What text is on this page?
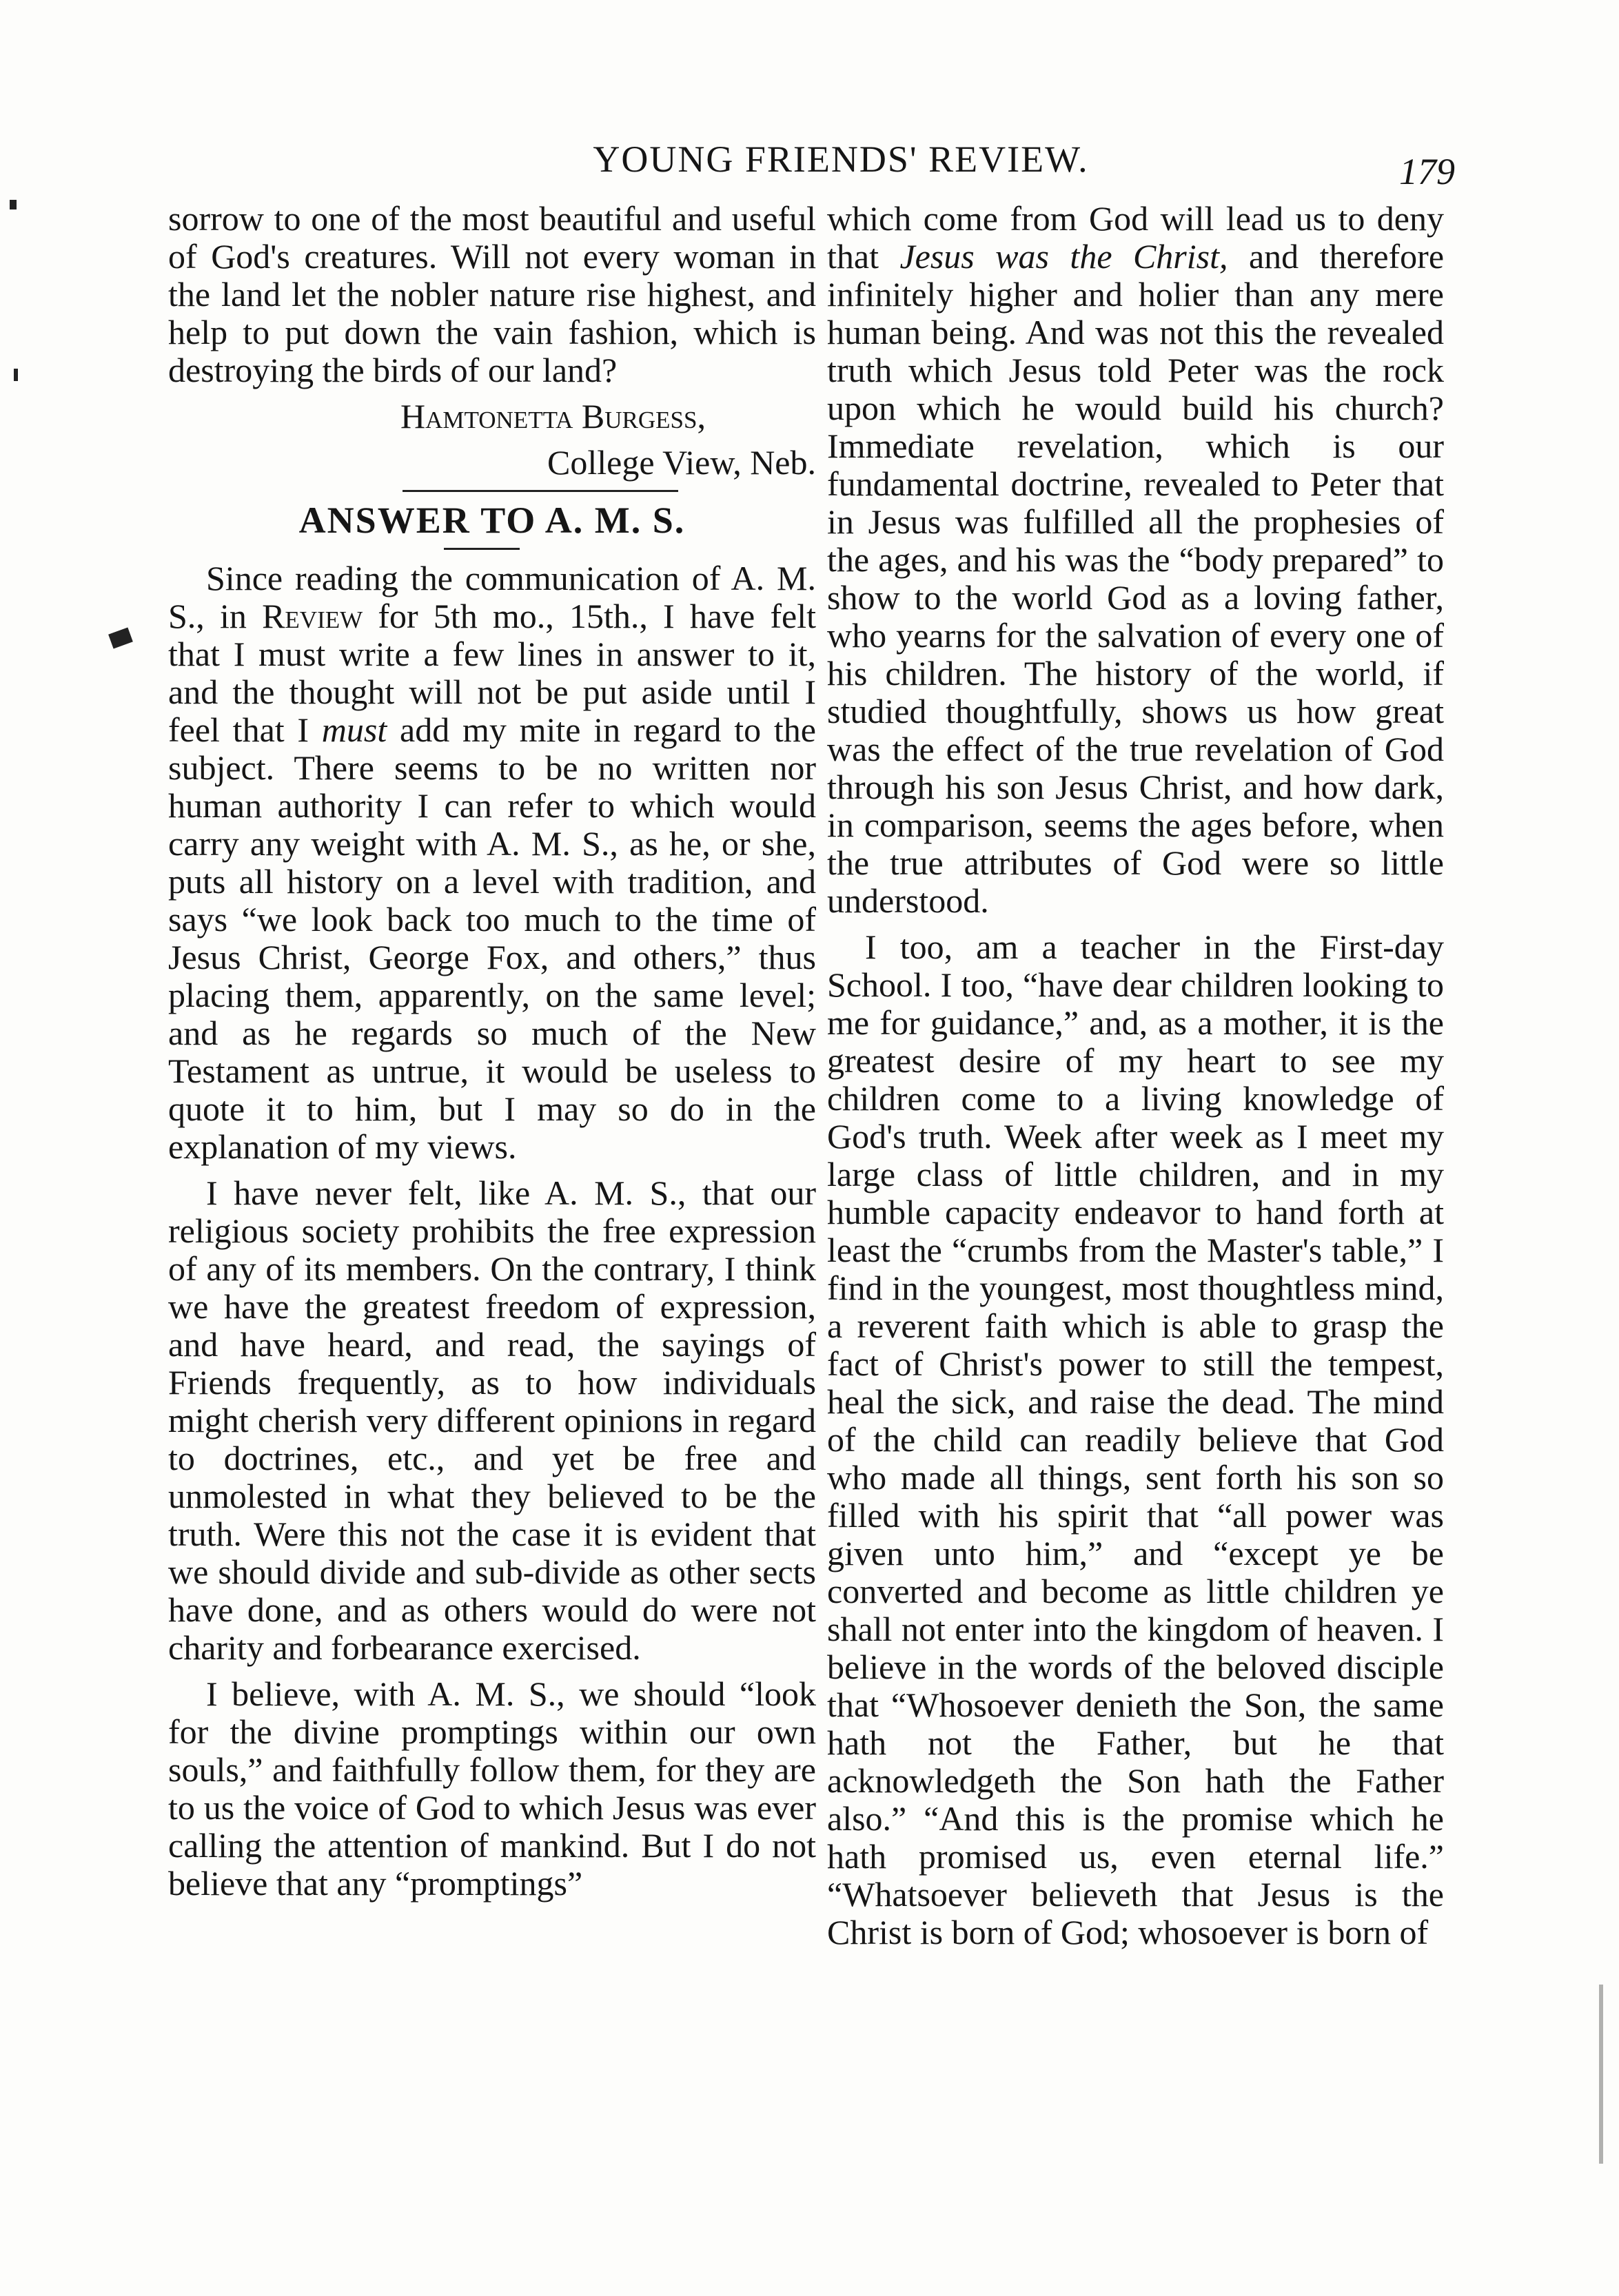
YOUNG FRIENDS' REVIEW.	179

sorrow to one of the most beautiful and useful of God's creatures. Will not every woman in the land let the nobler nature rise highest, and help to put down the vain fashion, which is destroying the birds of our land?

Hamtonetta Burgess,

College View, Neb.

ANSWER TO A. M. S.

Since reading the communication of A. M. S., in Review for 5th mo., 15th., I have felt that I must write a few lines in answer to it, and the thought will not be put aside until I feel that I must add my mite in regard to the subject. There seems to be no written nor human authority I can refer to which would carry any weight with A. M. S., as he, or she, puts all history on a level with tradition, and says “we look back too much to the time of Jesus Christ, George Fox, and others,” thus placing them, apparently, on the same level; and as he regards so much of the New Testament as untrue, it would be useless to quote it to him, but I may so do in the explanation of my views.

I have never felt, like A. M. S., that our religious society prohibits the free expression of any of its members. On the contrary, I think we have the greatest freedom of expression, and have heard, and read, the sayings of Friends frequently, as to how individuals might cherish very different opinions in regard to doctrines, etc., and yet be free and unmolested in what they believed to be the truth. Were this not the case it is evident that we should divide and sub-divide as other sects have done, and as others would do were not charity and forbearance exercised.

I believe, with A. M. S., we should “look for the divine promptings within our own souls,” and faithfully follow them, for they are to us the voice of God to which Jesus was ever calling the attention of mankind. But I do not believe that any “promptings”

which come from God will lead us to deny that Jesus was the Christ, and therefore infinitely higher and holier than any mere human being. And was not this the revealed truth which Jesus told Peter was the rock upon which he would build his church? Immediate revelation, which is our fundamental doctrine, revealed to Peter that in Jesus was fulfilled all the prophesies of the ages, and his was the “body prepared” to show to the world God as a loving father, who yearns for the salvation of every one of his children. The history of the world, if studied thoughtfully, shows us how great was the effect of the true revelation of God through his son Jesus Christ, and how dark, in comparison, seems the ages before, when the true attributes of God were so little understood.

I too, am a teacher in the First-day School. I too, “have dear children looking to me for guidance,” and, as a mother, it is the greatest desire of my heart to see my children come to a living knowledge of God's truth. Week after week as I meet my large class of little children, and in my humble capacity endeavor to hand forth at least the “crumbs from the Master's table,” I find in the youngest, most thoughtless mind, a reverent faith which is able to grasp the fact of Christ's power to still the tempest, heal the sick, and raise the dead. The mind of the child can readily believe that God who made all things, sent forth his son so filled with his spirit that “all power was given unto him,” and “except ye be converted and become as little children ye shall not enter into the kingdom of heaven. I believe in the words of the beloved disciple that “Whosoever denieth the Son, the same hath not the Father, but he that acknowledgeth the Son hath the Father also.” “And this is the promise which he hath promised us, even eternal life.” “Whatsoever believeth that Jesus is the Christ is born of God; whosoever is born of
